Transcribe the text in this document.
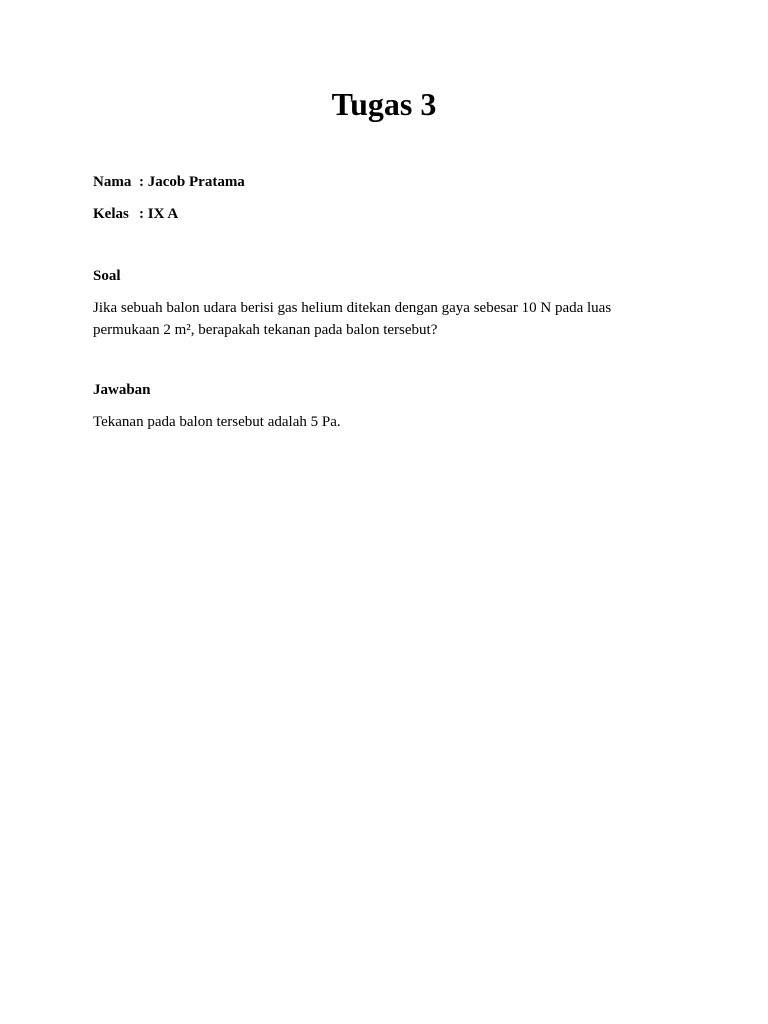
Tugas 3

Nama : Jacob Pratama

Kelas : IX A

Soal

Jika sebuah balon udara berisi gas helium ditekan dengan gaya sebesar 10 N pada luas permukaan 2 m², berapakah tekanan pada balon tersebut?

Jawaban

Tekanan pada balon tersebut adalah 5 Pa.
